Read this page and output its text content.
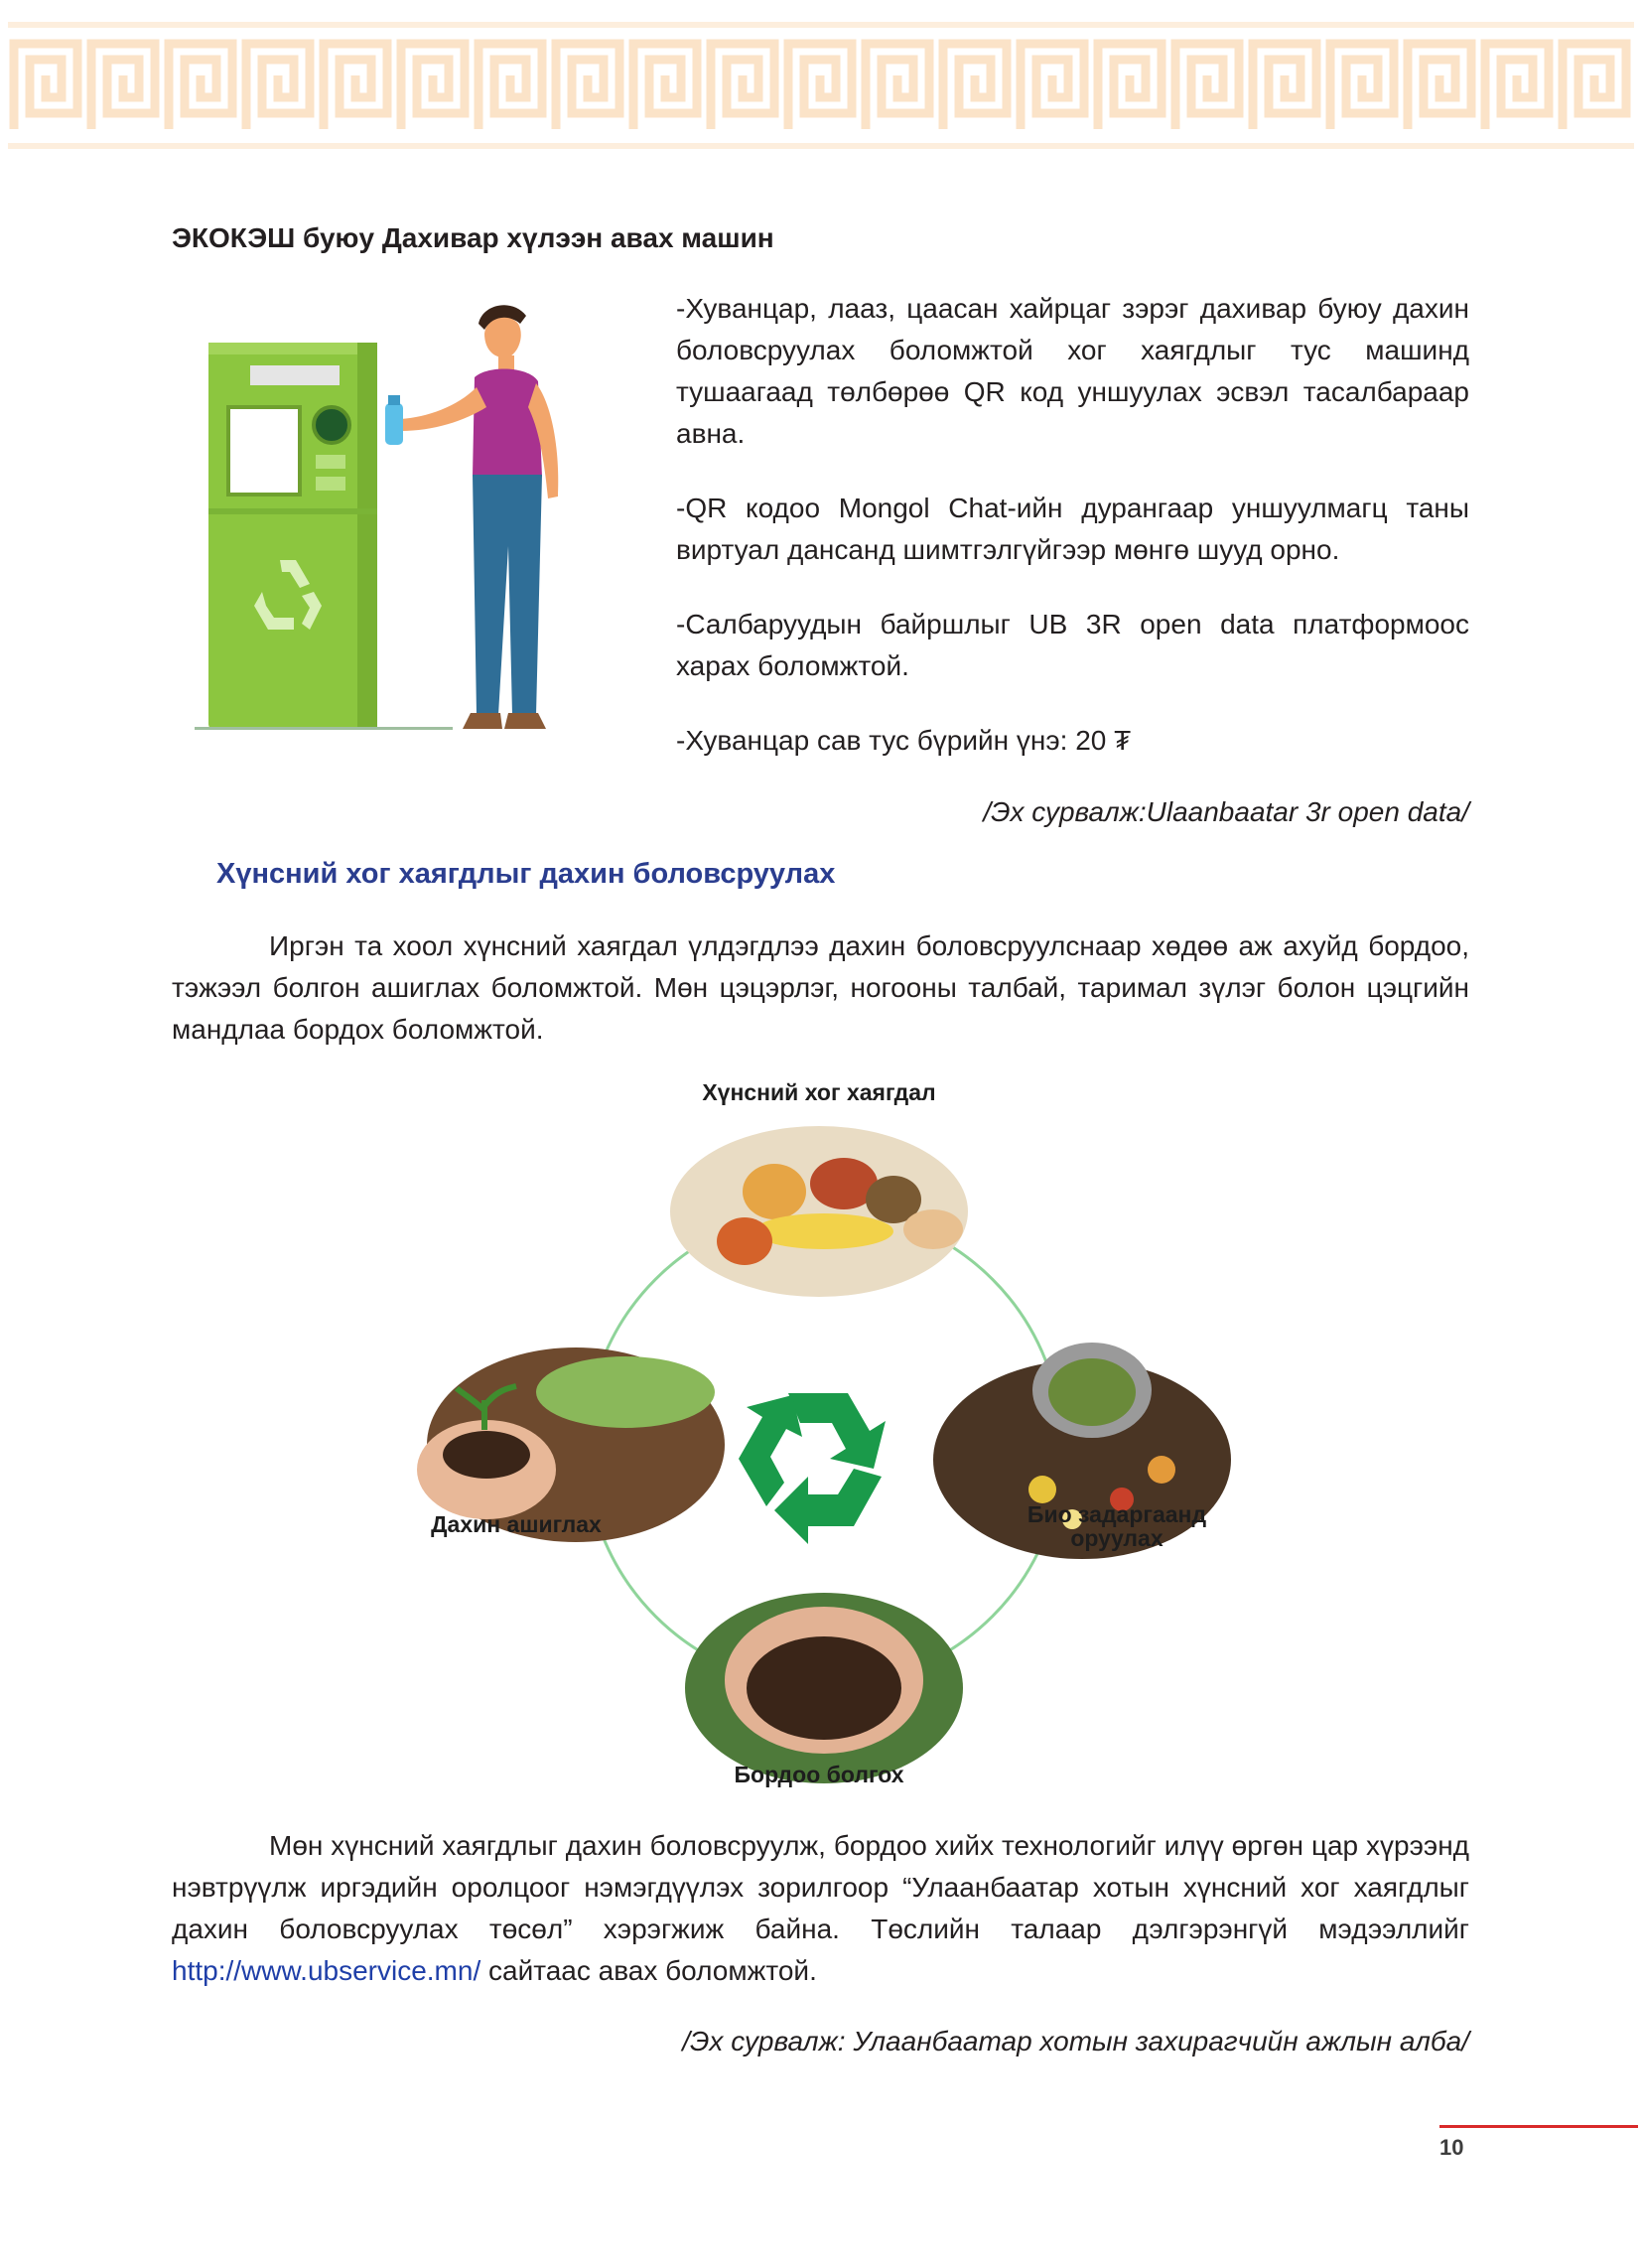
ЭКОКЭШ буюу Дахивар хүлээн авах машин

-Хуванцар, лааз, цаасан хайрцаг зэрэг дахивар буюу дахин боловсруулах боломжтой хог хаягдлыг тус машинд тушаагаад төлбөрөө QR код уншуулах эсвэл тасалбараар авна.

-QR кодоо Mongol Chat-ийн дурангаар уншуулмагц таны виртуал дансанд шимтгэлгүйгээр мөнгө шууд орно.

-Салбаруудын байршлыг UB 3R open data платформоос харах боломжтой.

-Хуванцар сав тус бүрийн үнэ: 20 ₮

/Эх сурвалж:Ulaanbaatar 3r open data/

Хүнсний хог хаягдлыг дахин боловсруулах

Иргэн та хоол хүнсний хаягдал үлдэгдлээ дахин боловсруулснаар хөдөө аж ахуйд бордоо, тэжээл болгон ашиглах боломжтой. Мөн цэцэрлэг, ногооны талбай, таримал зүлэг болон цэцгийн мандлаа бордох боломжтой.

Хүнсний хог хаягдал
Дахин ашиглах	Био задаргаанд
оруулах
Бордоо болгох

Мөн хүнсний хаягдлыг дахин боловсруулж, бордоо хийх технологийг илүү өргөн цар хүрээнд нэвтрүүлж иргэдийн оролцоог нэмэгдүүлэх зорилгоор “Улаанбаатар хотын хүнсний хог хаягдлыг дахин боловсруулах төсөл” хэрэгжиж байна. Төслийн талаар дэлгэрэнгүй мэдээллийг http://www.ubservice.mn/ сайтаас авах боломжтой.

/Эх сурвалж: Улаанбаатар хотын захирагчийн ажлын алба/

10
